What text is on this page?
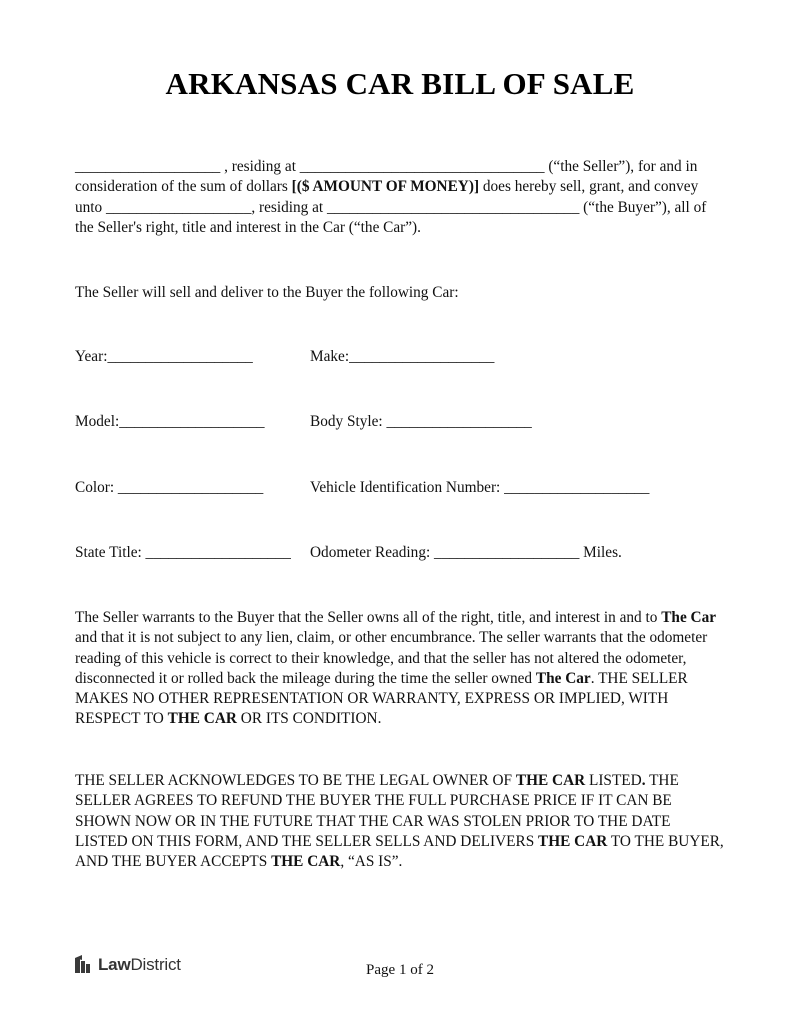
ARKANSAS CAR BILL OF SALE

___________________ , residing at ________________________________ (“the Seller”), for and in consideration of the sum of dollars [($ AMOUNT OF MONEY)] does hereby sell, grant, and convey unto ___________________, residing at _________________________________ (“the Buyer”), all of the Seller's right, title and interest in the Car (“the Car”).

The Seller will sell and deliver to the Buyer the following Car:

Year:___________________	Make:___________________
Model:___________________	Body Style: ___________________
Color: ___________________	Vehicle Identification Number: ___________________
State Title: ___________________ Odometer Reading: ___________________ Miles.

The Seller warrants to the Buyer that the Seller owns all of the right, title, and interest in and to The Car and that it is not subject to any lien, claim, or other encumbrance. The seller warrants that the odometer reading of this vehicle is correct to their knowledge, and that the seller has not altered the odometer, disconnected it or rolled back the mileage during the time the seller owned The Car. THE SELLER MAKES NO OTHER REPRESENTATION OR WARRANTY, EXPRESS OR IMPLIED, WITH RESPECT TO THE CAR OR ITS CONDITION.

THE SELLER ACKNOWLEDGES TO BE THE LEGAL OWNER OF THE CAR LISTED. THE SELLER AGREES TO REFUND THE BUYER THE FULL PURCHASE PRICE IF IT CAN BE SHOWN NOW OR IN THE FUTURE THAT THE CAR WAS STOLEN PRIOR TO THE DATE LISTED ON THIS FORM, AND THE SELLER SELLS AND DELIVERS THE CAR TO THE BUYER, AND THE BUYER ACCEPTS THE CAR, “AS IS”.

LawDistrict	Page 1 of 2
